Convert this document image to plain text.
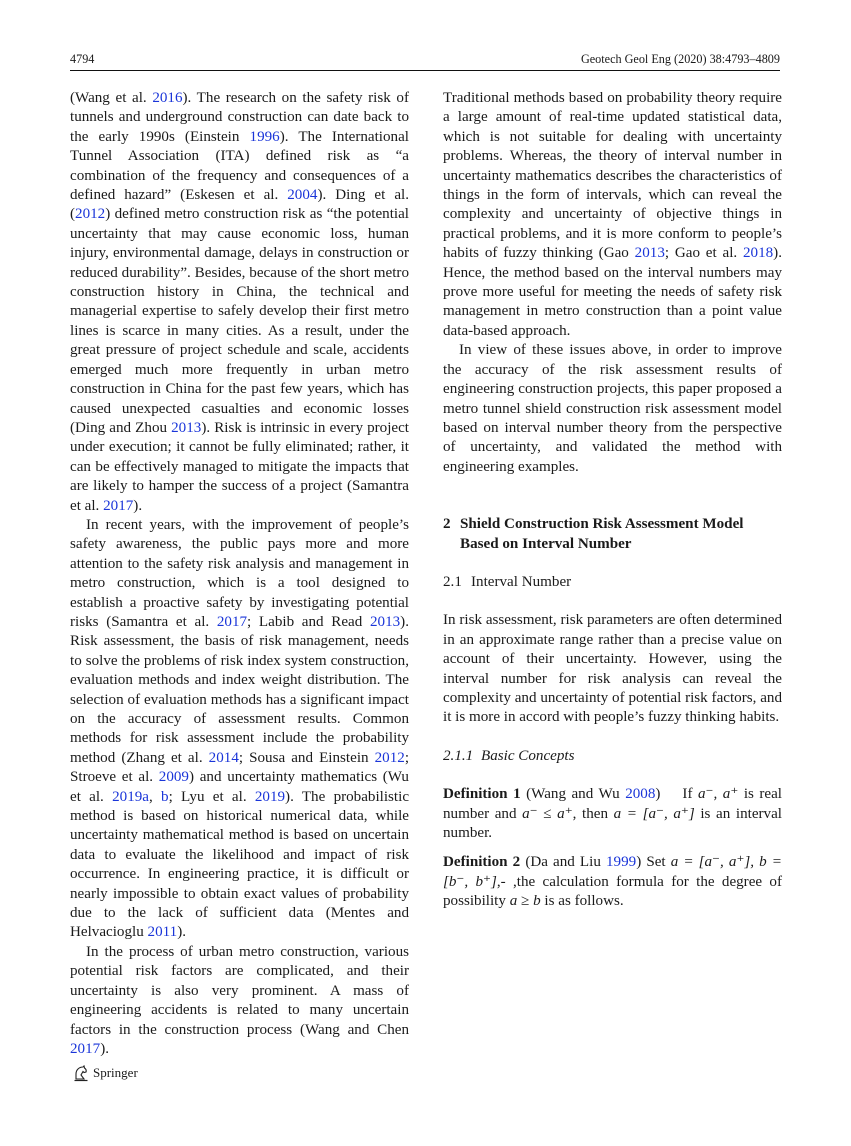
4794	Geotech Geol Eng (2020) 38:4793–4809

(Wang et al. 2016). The research on the safety risk of tunnels and underground construction can date back to the early 1990s (Einstein 1996). The International Tunnel Association (ITA) defined risk as “a combination of the frequency and consequences of a defined hazard” (Eskesen et al. 2004). Ding et al. (2012) defined metro construction risk as “the potential uncertainty that may cause economic loss, human injury, environmental damage, delays in construction or reduced durability”. Besides, because of the short metro construction history in China, the technical and managerial expertise to safely develop their first metro lines is scarce in many cities. As a result, under the great pressure of project schedule and scale, accidents emerged much more frequently in urban metro construction in China for the past few years, which has caused unexpected casualties and economic losses (Ding and Zhou 2013). Risk is intrinsic in every project under execution; it cannot be fully eliminated; rather, it can be effectively managed to mitigate the impacts that are likely to hamper the success of a project (Samantra et al. 2017).

In recent years, with the improvement of people’s safety awareness, the public pays more and more attention to the safety risk analysis and management in metro construction, which is a tool designed to establish a proactive safety by investigating potential risks (Samantra et al. 2017; Labib and Read 2013). Risk assessment, the basis of risk management, needs to solve the problems of risk index system construction, evaluation methods and index weight distribution. The selection of evaluation methods has a significant impact on the accuracy of assessment results. Common methods for risk assessment include the probability method (Zhang et al. 2014; Sousa and Einstein 2012; Stroeve et al. 2009) and uncertainty mathematics (Wu et al. 2019a, b; Lyu et al. 2019). The probabilistic method is based on historical numerical data, while uncertainty mathematical method is based on uncertain data to evaluate the likelihood and impact of risk occurrence. In engineering practice, it is difficult or nearly impossible to obtain exact values of probability due to the lack of sufficient data (Mentes and Helvacioglu 2011).

In the process of urban metro construction, various potential risk factors are complicated, and their uncertainty is also very prominent. A mass of engineering accidents is related to many uncertain factors in the construction process (Wang and Chen 2017).

Traditional methods based on probability theory require a large amount of real-time updated statistical data, which is not suitable for dealing with uncertainty problems. Whereas, the theory of interval number in uncertainty mathematics describes the characteristics of things in the form of intervals, which can reveal the complexity and uncertainty of objective things in practical problems, and it is more conform to people’s habits of fuzzy thinking (Gao 2013; Gao et al. 2018). Hence, the method based on the interval numbers may prove more useful for meeting the needs of safety risk management in metro construction than a point value data-based approach.

In view of these issues above, in order to improve the accuracy of the risk assessment results of engineering construction projects, this paper proposed a metro tunnel shield construction risk assessment model based on interval number theory from the perspective of uncertainty, and validated the method with engineering examples.

2 Shield Construction Risk Assessment Model Based on Interval Number
2.1 Interval Number

In risk assessment, risk parameters are often determined in an approximate range rather than a precise value on account of their uncertainty. However, using the interval number for risk analysis can reveal the complexity and uncertainty of potential risk factors, and it is more in accord with people’s fuzzy thinking habits.

2.1.1 Basic Concepts

Definition 1 (Wang and Wu 2008)    If a⁻, a⁺ is real number and a⁻ ≤ a⁺, then a = [a⁻, a⁺] is an interval number.

Definition 2 (Da and Liu 1999) Set a = [a⁻, a⁺], b = [b⁻, b⁺],- ,the calculation formula for the degree of possibility a ≥ b is as follows.

Springer
